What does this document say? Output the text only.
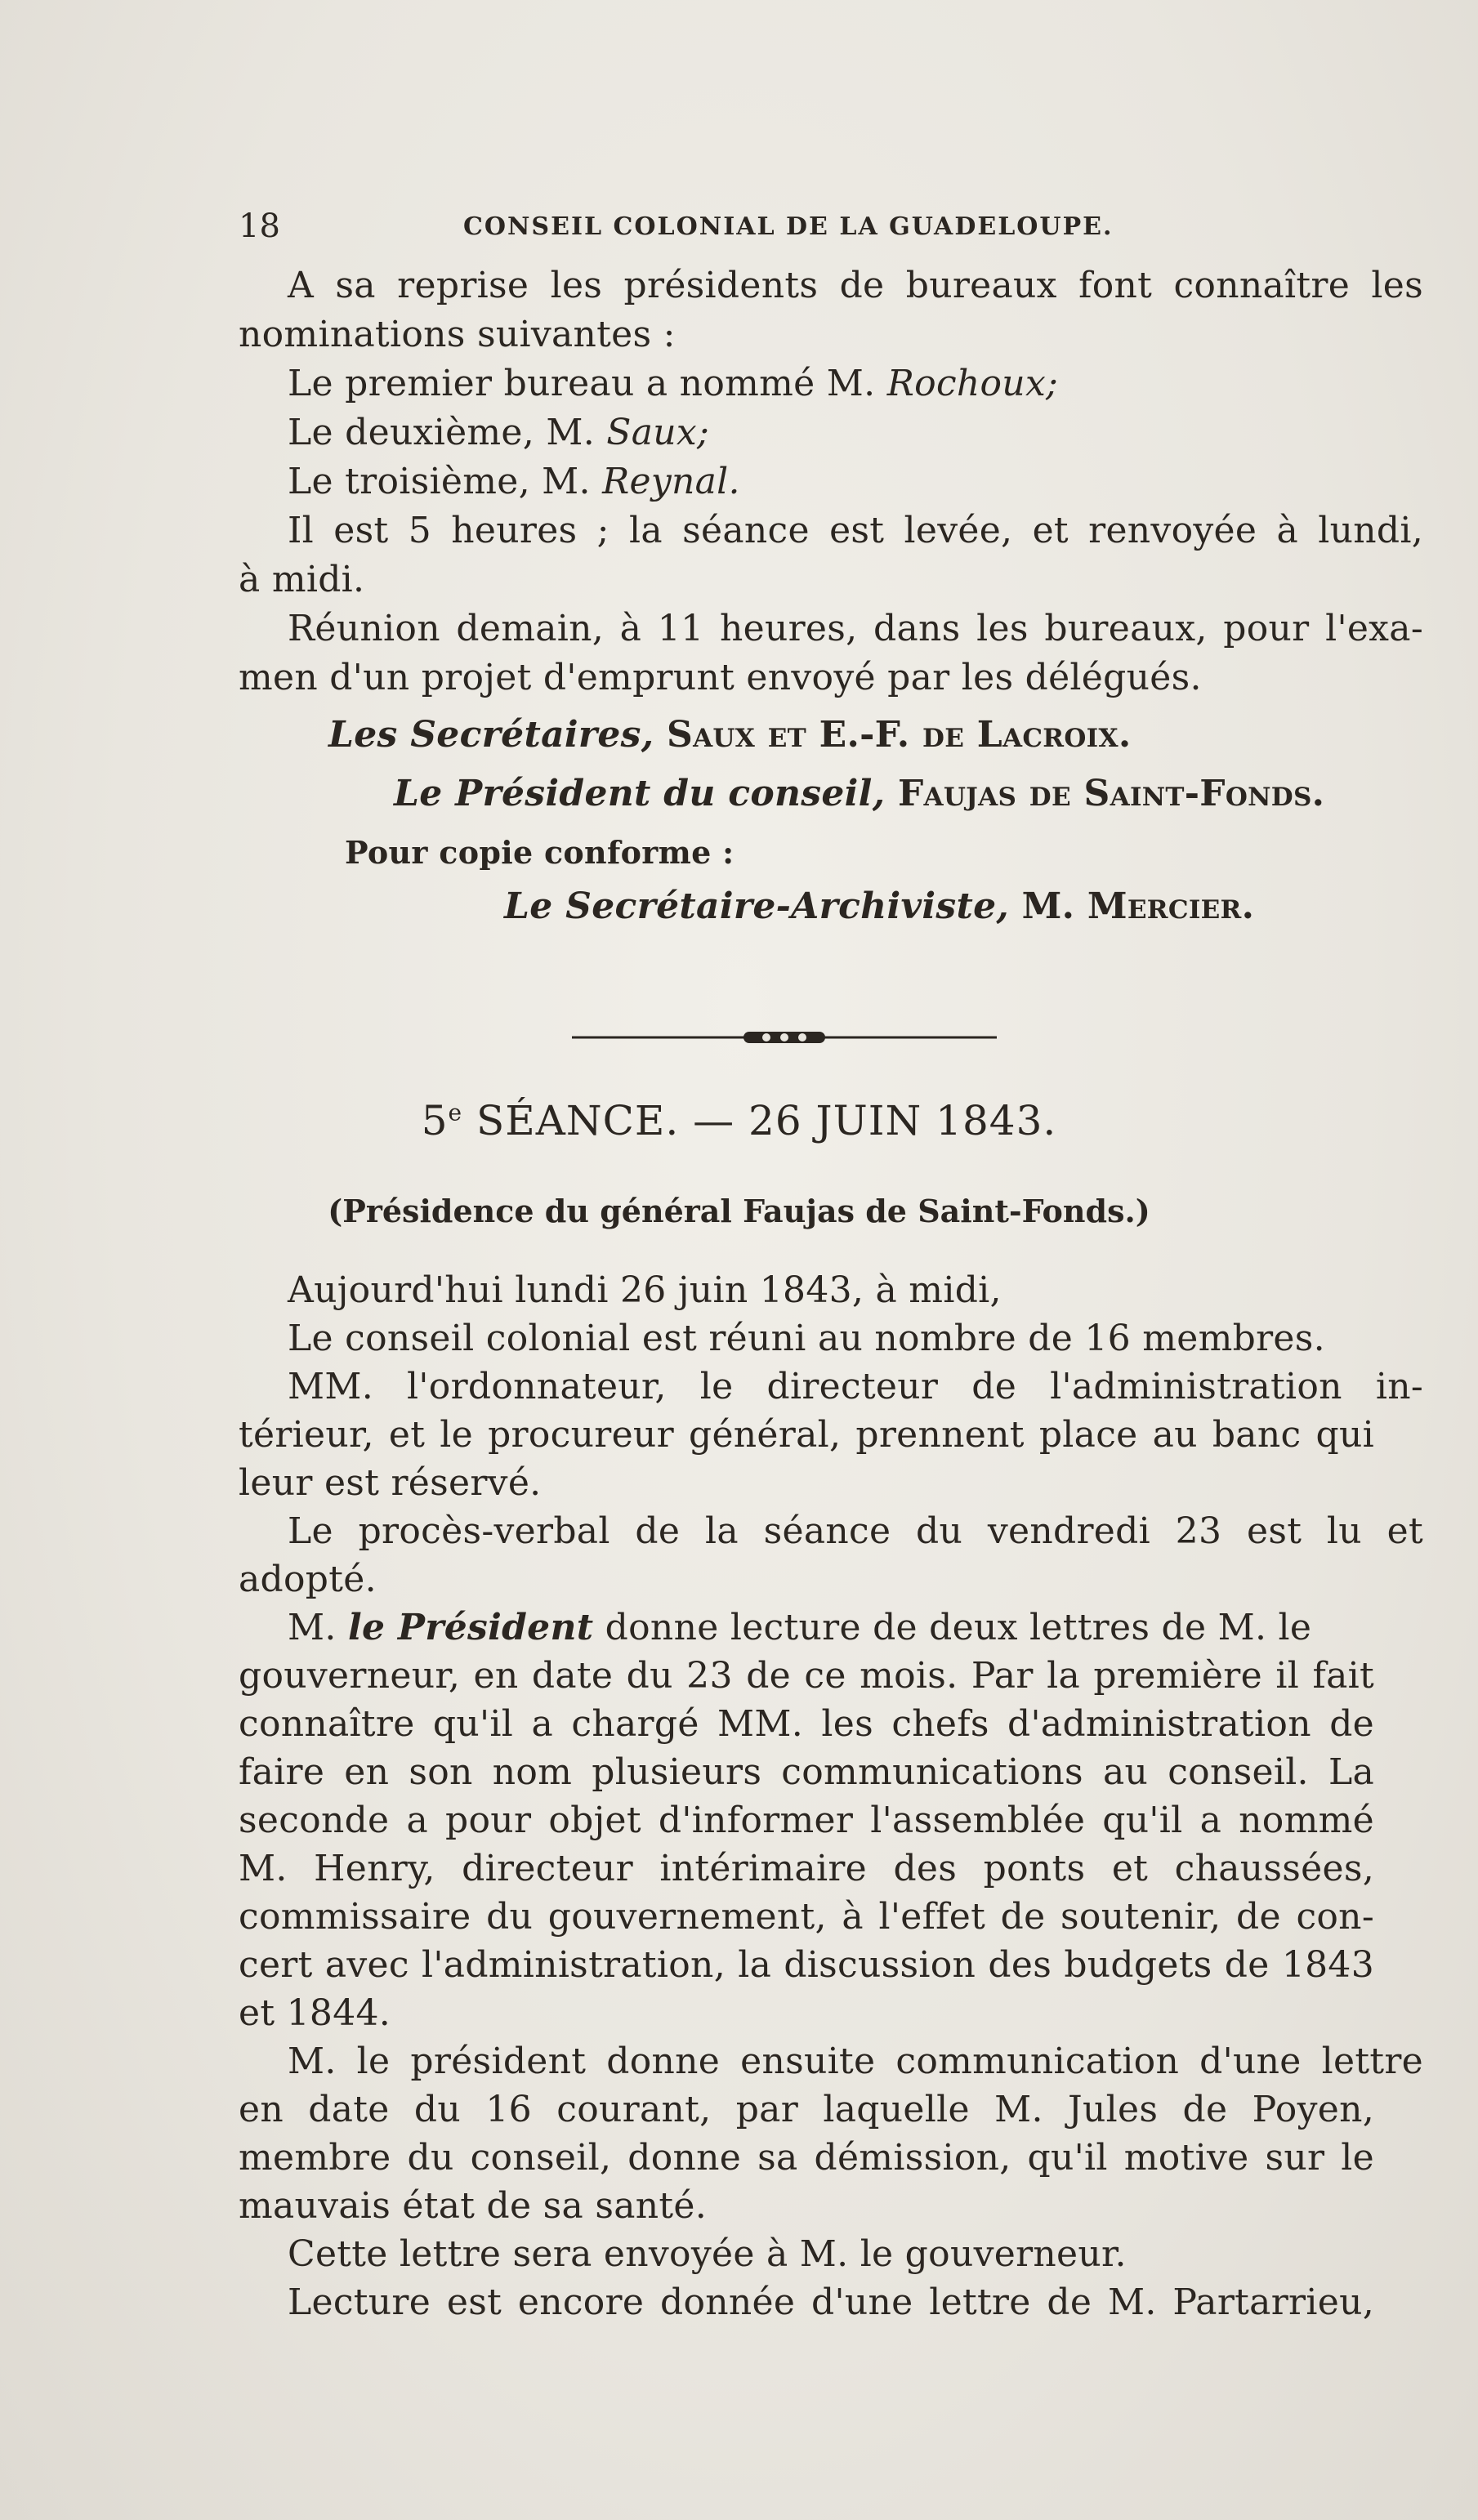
18	CONSEIL COLONIAL DE LA GUADELOUPE.
A sa reprise les présidents de bureaux font connaître les
nominations suivantes :
Le premier bureau a nommé M. Rochoux;
Le deuxième, M. Saux;
Le troisième, M. Reynal.
Il est 5 heures ; la séance est levée, et renvoyée à lundi,
à midi.
Réunion demain, à 11 heures, dans les bureaux, pour l'exa-
men d'un projet d'emprunt envoyé par les délégués.
Les Secrétaires, Saux et E.-F. de Lacroix.
Le Président du conseil, Faujas de Saint-Fonds.
Pour copie conforme :
Le Secrétaire-Archiviste, M. Mercier.
5e SÉANCE. — 26 JUIN 1843.
(Présidence du général Faujas de Saint-Fonds.)
Aujourd'hui lundi 26 juin 1843, à midi,
Le conseil colonial est réuni au nombre de 16 membres.
MM. l'ordonnateur, le directeur de l'administration in-
térieur, et le procureur général, prennent place au banc qui
leur est réservé.
Le procès-verbal de la séance du vendredi 23 est lu et
adopté.
M. le Président donne lecture de deux lettres de M. le
gouverneur, en date du 23 de ce mois. Par la première il fait
connaître qu'il a chargé MM. les chefs d'administration de
faire en son nom plusieurs communications au conseil. La
seconde a pour objet d'informer l'assemblée qu'il a nommé
M. Henry, directeur intérimaire des ponts et chaussées,
commissaire du gouvernement, à l'effet de soutenir, de con-
cert avec l'administration, la discussion des budgets de 1843
et 1844.
M. le président donne ensuite communication d'une lettre
en date du 16 courant, par laquelle M. Jules de Poyen,
membre du conseil, donne sa démission, qu'il motive sur le
mauvais état de sa santé.
Cette lettre sera envoyée à M. le gouverneur.
Lecture est encore donnée d'une lettre de M. Partarrieu,
